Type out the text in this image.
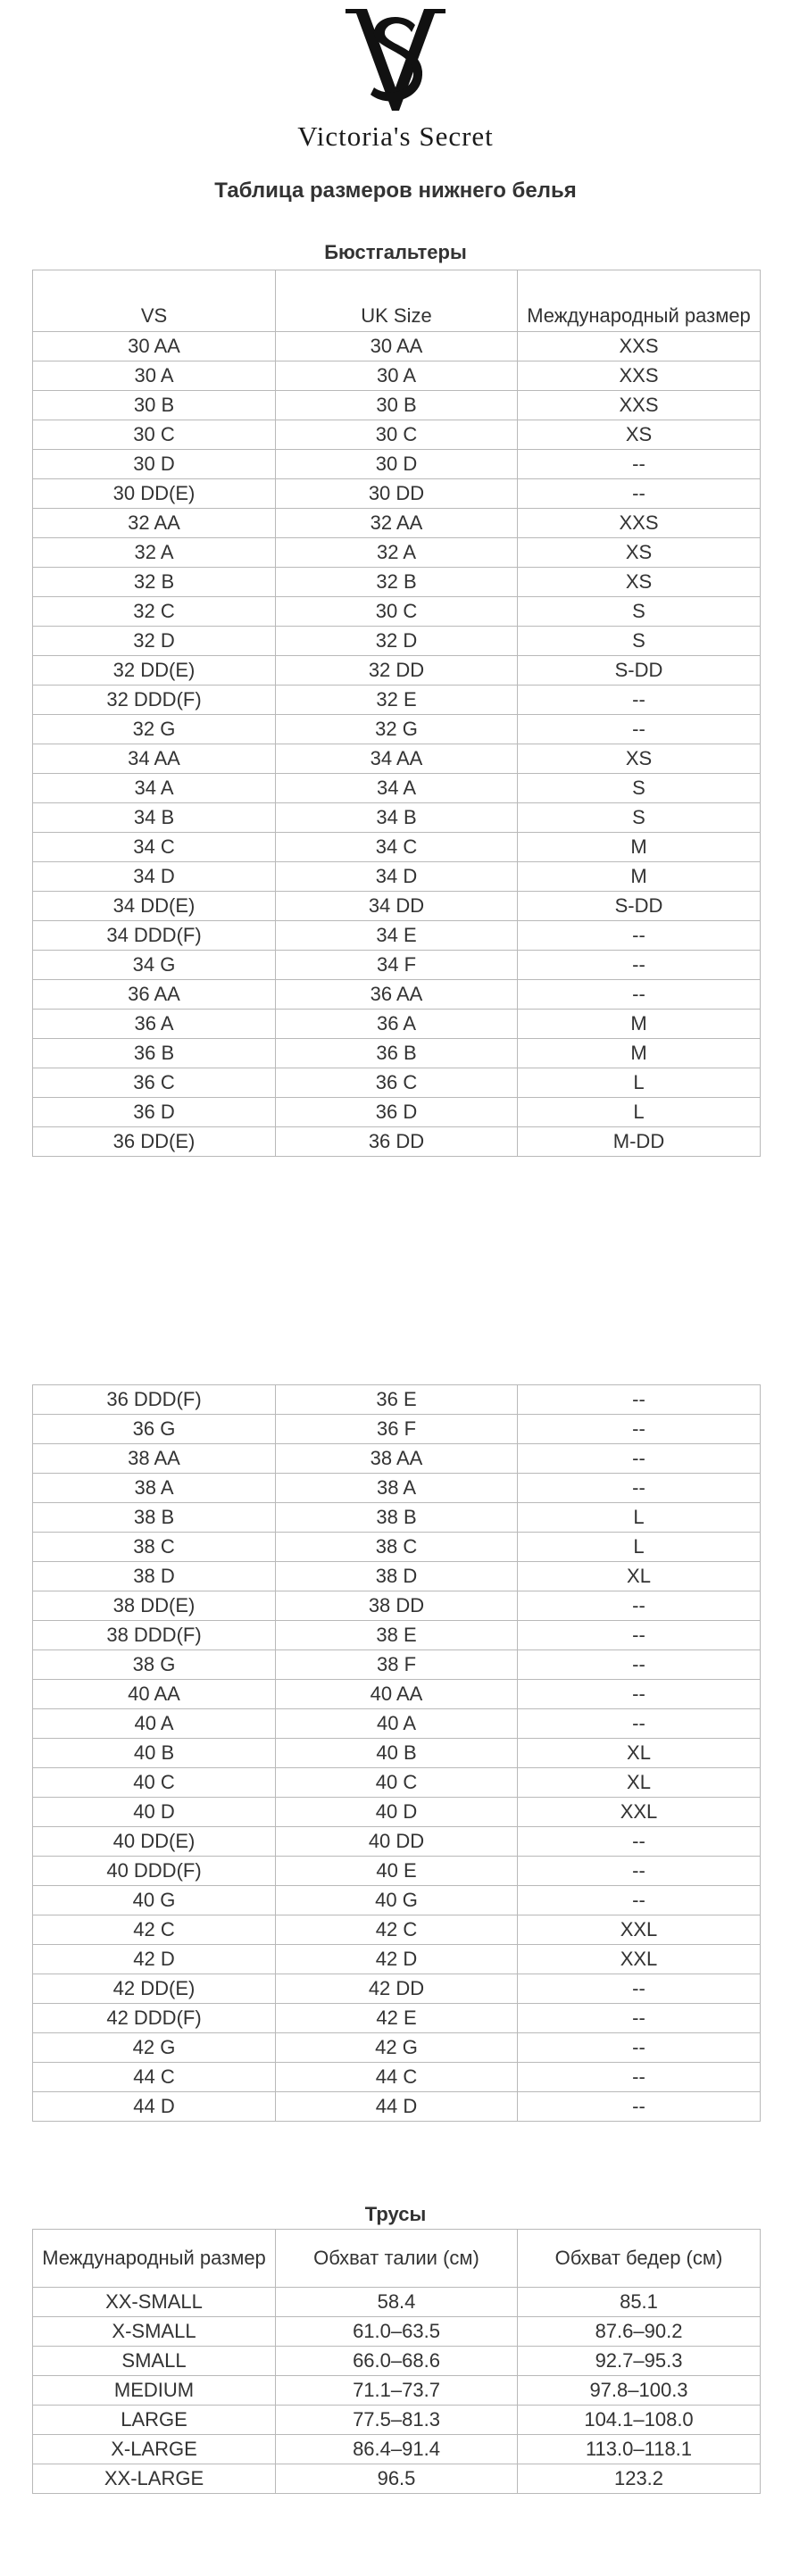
Victoria's Secret
Таблица размеров нижнего белья
Бюстгальтеры
VS	UK Size	Международный размер
30 AA	30 AA	XXS
30 A	30 A	XXS
30 B	30 B	XXS
30 C	30 C	XS
30 D	30 D	--
30 DD(E)	30 DD	--
32 AA	32 AA	XXS
32 A	32 A	XS
32 B	32 B	XS
32 C	30 C	S
32 D	32 D	S
32 DD(E)	32 DD	S-DD
32 DDD(F)	32 E	--
32 G	32 G	--
34 AA	34 AA	XS
34 A	34 A	S
34 B	34 B	S
34 C	34 C	M
34 D	34 D	M
34 DD(E)	34 DD	S-DD
34 DDD(F)	34 E	--
34 G	34 F	--
36 AA	36 AA	--
36 A	36 A	M
36 B	36 B	M
36 C	36 C	L
36 D	36 D	L
36 DD(E)	36 DD	M-DD
36 DDD(F)	36 E	--
36 G	36 F	--
38 AA	38 AA	--
38 A	38 A	--
38 B	38 B	L
38 C	38 C	L
38 D	38 D	XL
38 DD(E)	38 DD	--
38 DDD(F)	38 E	--
38 G	38 F	--
40 AA	40 AA	--
40 A	40 A	--
40 B	40 B	XL
40 C	40 C	XL
40 D	40 D	XXL
40 DD(E)	40 DD	--
40 DDD(F)	40 E	--
40 G	40 G	--
42 C	42 C	XXL
42 D	42 D	XXL
42 DD(E)	42 DD	--
42 DDD(F)	42 E	--
42 G	42 G	--
44 C	44 C	--
44 D	44 D	--
Трусы
Международный размер	Обхват талии (см)	Обхват бедер (см)
XX-SMALL	58.4	85.1
X-SMALL	61.0–63.5	87.6–90.2
SMALL	66.0–68.6	92.7–95.3
MEDIUM	71.1–73.7	97.8–100.3
LARGE	77.5–81.3	104.1–108.0
X-LARGE	86.4–91.4	113.0–118.1
XX-LARGE	96.5	123.2
